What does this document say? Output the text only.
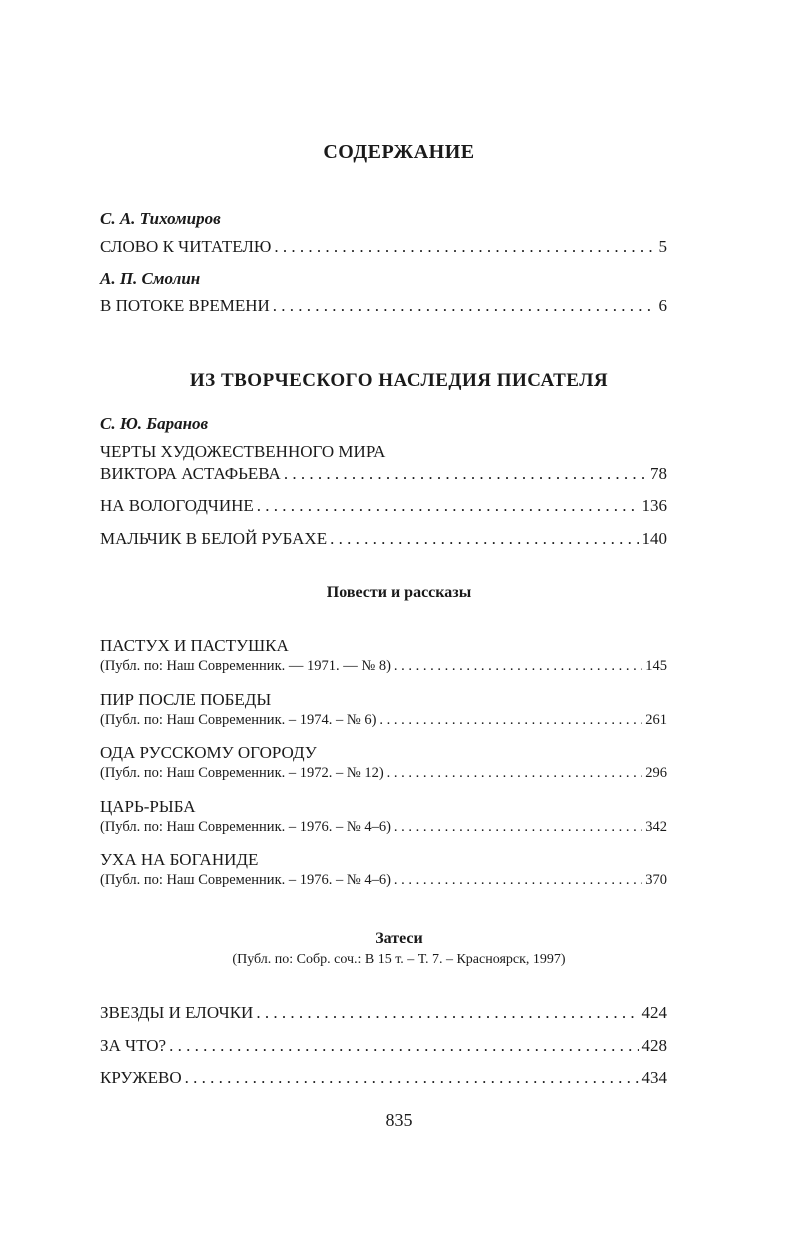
СОДЕРЖАНИЕ
С. А. Тихомиров
СЛОВО К ЧИТАТЕЛЮ . . .	5
А. П. Смолин
В ПОТОКЕ ВРЕМЕНИ . . .	6
ИЗ ТВОРЧЕСКОГО НАСЛЕДИЯ ПИСАТЕЛЯ
С. Ю. Баранов
ЧЕРТЫ ХУДОЖЕСТВЕННОГО МИРА
ВИКТОРА АСТАФЬЕВА . . .	78
НА ВОЛОГОДЧИНЕ . . .	136
МАЛЬЧИК В БЕЛОЙ РУБАХЕ . . .	140
Повести и рассказы
ПАСТУХ И ПАСТУШКА
(Публ. по: Наш Современник. — 1971. — № 8) . . .	145
ПИР ПОСЛЕ ПОБЕДЫ
(Публ. по: Наш Современник. – 1974. – № 6) . . .	261
ОДА РУССКОМУ ОГОРОДУ
(Публ. по: Наш Современник. – 1972. – № 12) . . .	296
ЦАРЬ-РЫБА
(Публ. по: Наш Современник. – 1976. – № 4–6) . . .	342
УХА НА БОГАНИДЕ
(Публ. по: Наш Современник. – 1976. – № 4–6) . . .	370
Затеси
(Публ. по: Собр. соч.: В 15 т. – Т. 7. – Красноярск, 1997)
ЗВЕЗДЫ И ЕЛОЧКИ . . .	424
ЗА ЧТО? . . .	428
КРУЖЕВО . . .	434
835
